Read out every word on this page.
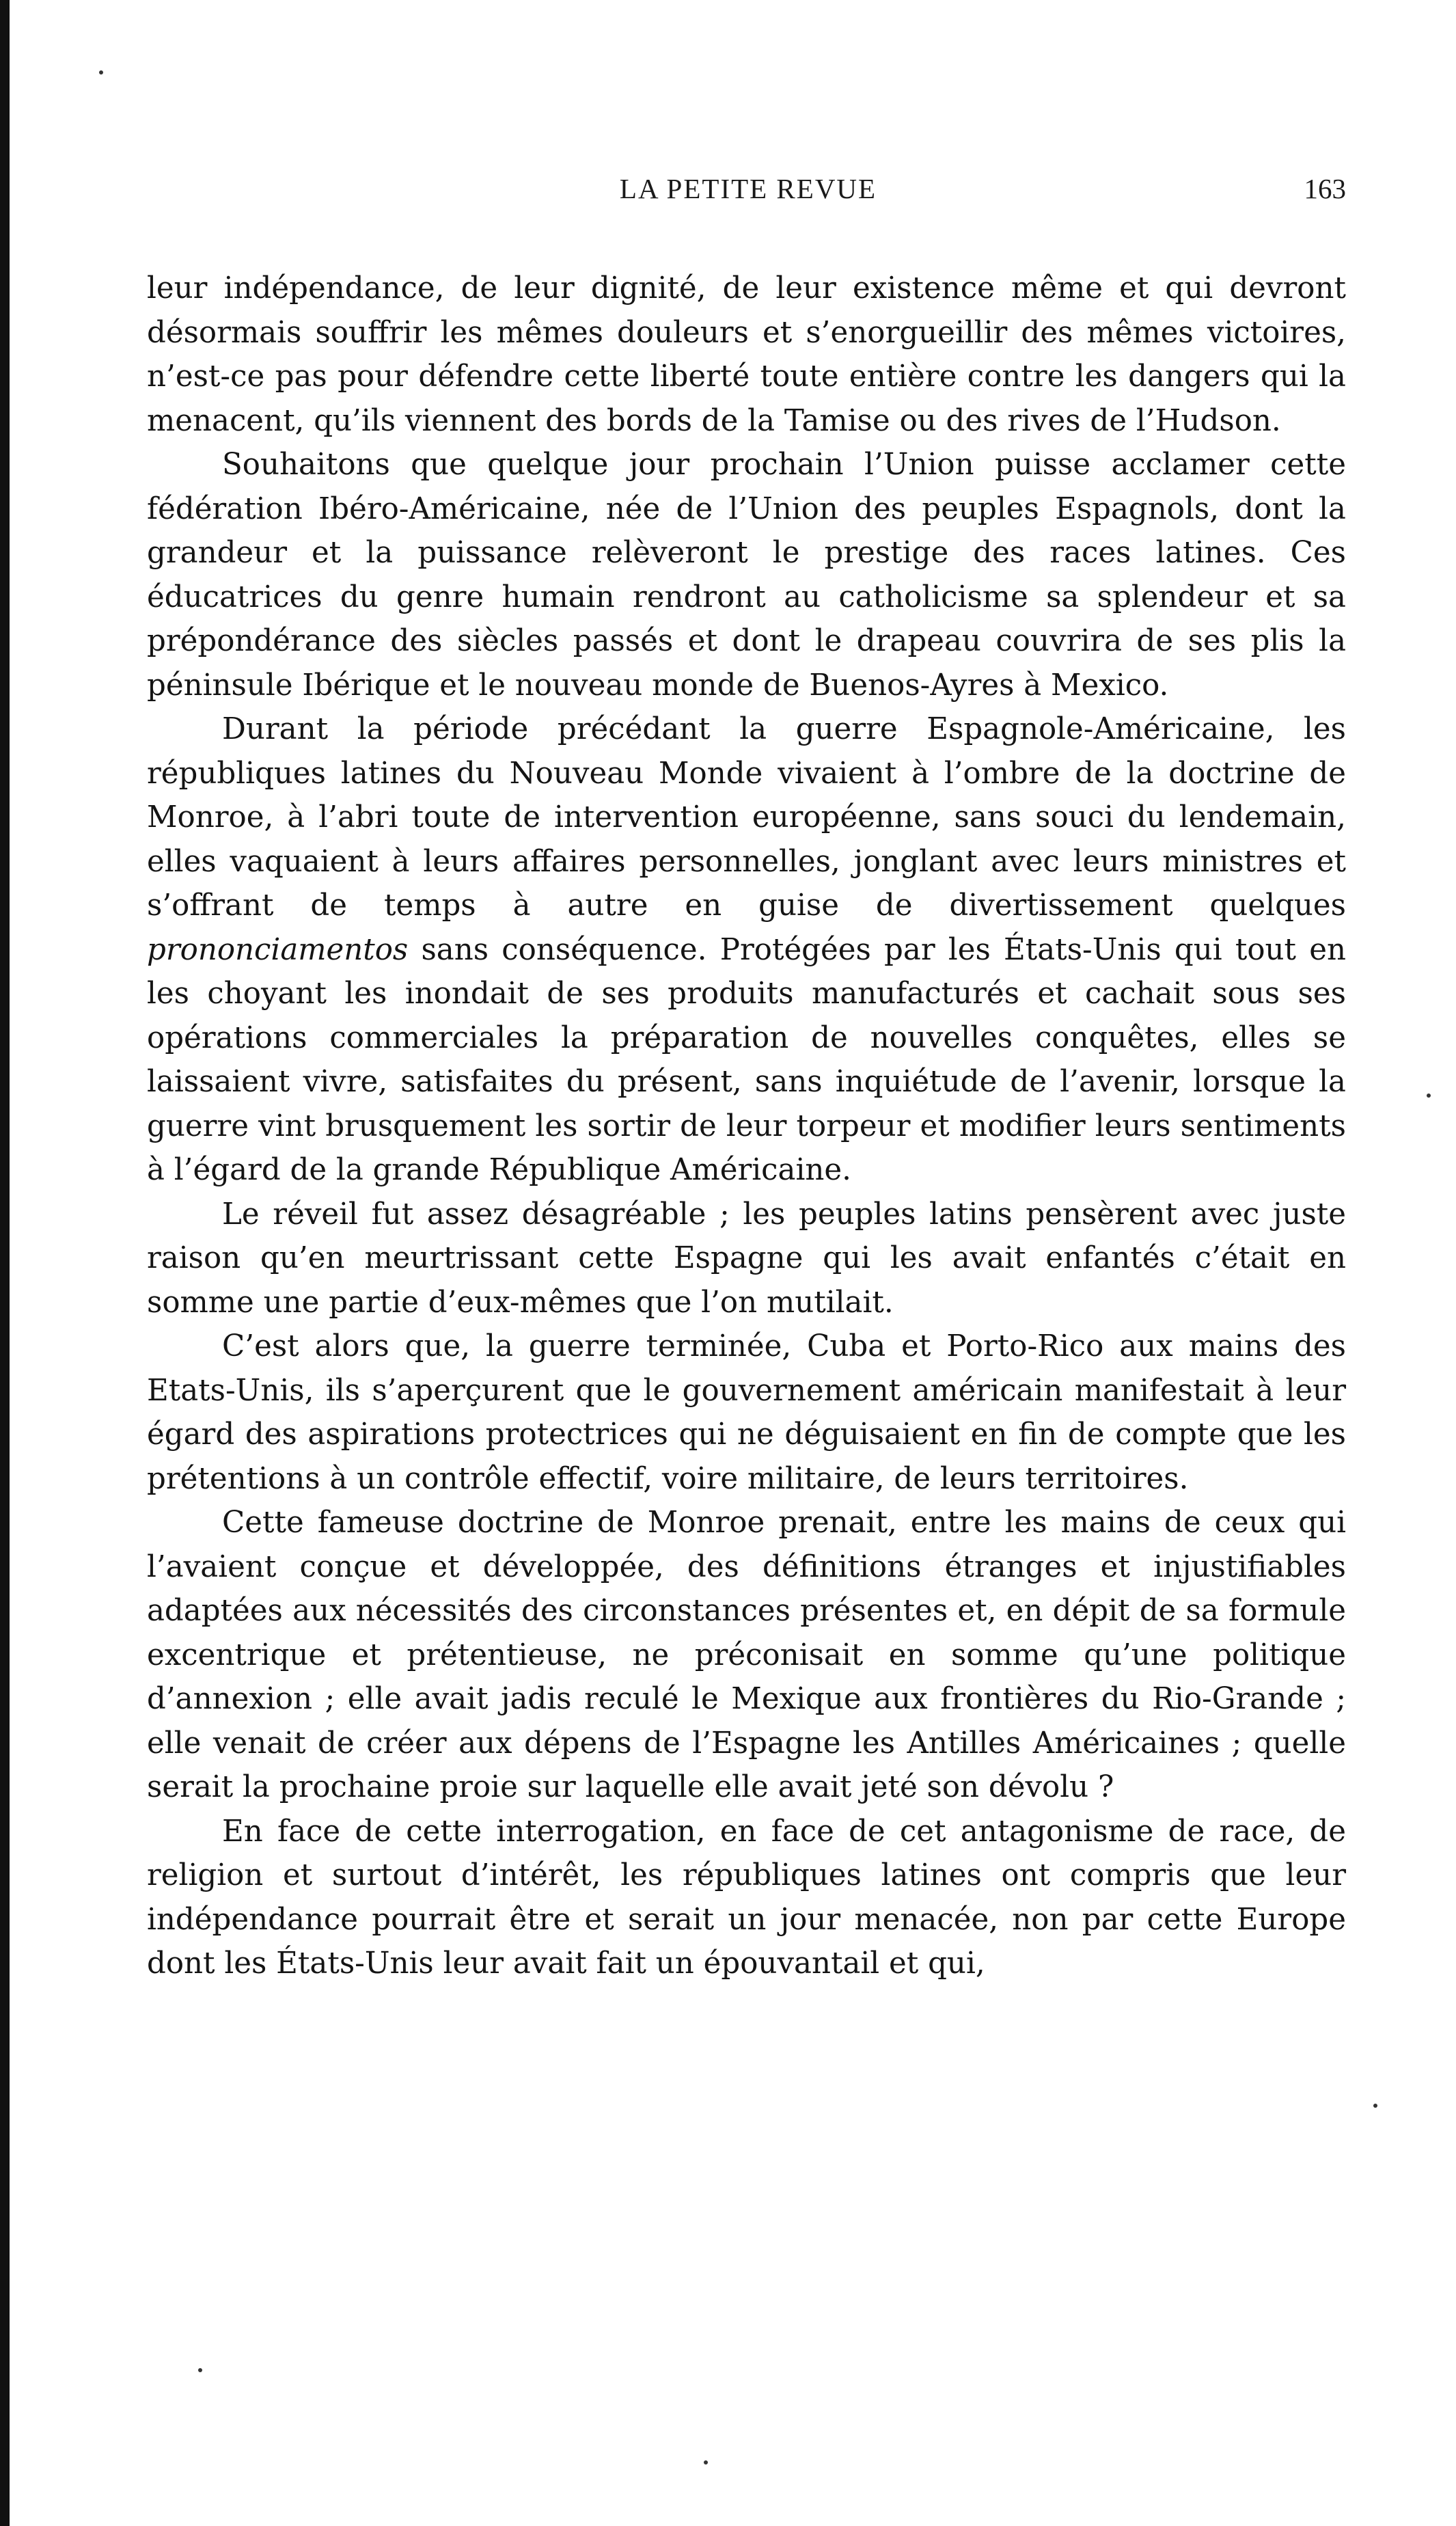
LA PETITE REVUE	163

leur indépendance, de leur dignité, de leur existence même et qui devront désormais souffrir les mêmes douleurs et s’enorgueillir des mêmes victoires, n’est-ce pas pour défendre cette liberté toute entière contre les dangers qui la menacent, qu’ils viennent des bords de la Tamise ou des rives de l’Hudson.

Souhaitons que quelque jour prochain l’Union puisse acclamer cette fédération Ibéro-Américaine, née de l’Union des peuples Espagnols, dont la grandeur et la puissance relèveront le prestige des races latines. Ces éducatrices du genre humain rendront au catholicisme sa splendeur et sa prépondérance des siècles passés et dont le drapeau couvrira de ses plis la péninsule Ibérique et le nouveau monde de Buenos-Ayres à Mexico.

Durant la période précédant la guerre Espagnole-Américaine, les républiques latines du Nouveau Monde vivaient à l’ombre de la doctrine de Monroe, à l’abri toute de intervention européenne, sans souci du lendemain, elles vaquaient à leurs affaires personnelles, jonglant avec leurs ministres et s’offrant de temps à autre en guise de divertissement quelques prononciamentos sans conséquence. Protégées par les États-Unis qui tout en les choyant les inondait de ses produits manufacturés et cachait sous ses opérations commerciales la préparation de nouvelles conquêtes, elles se laissaient vivre, satisfaites du présent, sans inquiétude de l’avenir, lorsque la guerre vint brusquement les sortir de leur torpeur et modifier leurs sentiments à l’égard de la grande République Américaine.

Le réveil fut assez désagréable ; les peuples latins pensèrent avec juste raison qu’en meurtrissant cette Espagne qui les avait enfantés c’était en somme une partie d’eux-mêmes que l’on mutilait.

C’est alors que, la guerre terminée, Cuba et Porto-Rico aux mains des Etats-Unis, ils s’aperçurent que le gouvernement américain manifestait à leur égard des aspirations protectrices qui ne déguisaient en fin de compte que les prétentions à un contrôle effectif, voire militaire, de leurs territoires.

Cette fameuse doctrine de Monroe prenait, entre les mains de ceux qui l’avaient conçue et développée, des définitions étranges et injustifiables adaptées aux nécessités des circonstances présentes et, en dépit de sa formule excentrique et prétentieuse, ne préconisait en somme qu’une politique d’annexion ; elle avait jadis reculé le Mexique aux frontières du Rio-Grande ; elle venait de créer aux dépens de l’Espagne les Antilles Américaines ; quelle serait la prochaine proie sur laquelle elle avait jeté son dévolu ?

En face de cette interrogation, en face de cet antagonisme de race, de religion et surtout d’intérêt, les républiques latines ont compris que leur indépendance pourrait être et serait un jour menacée, non par cette Europe dont les États-Unis leur avait fait un épouvantail et qui,
